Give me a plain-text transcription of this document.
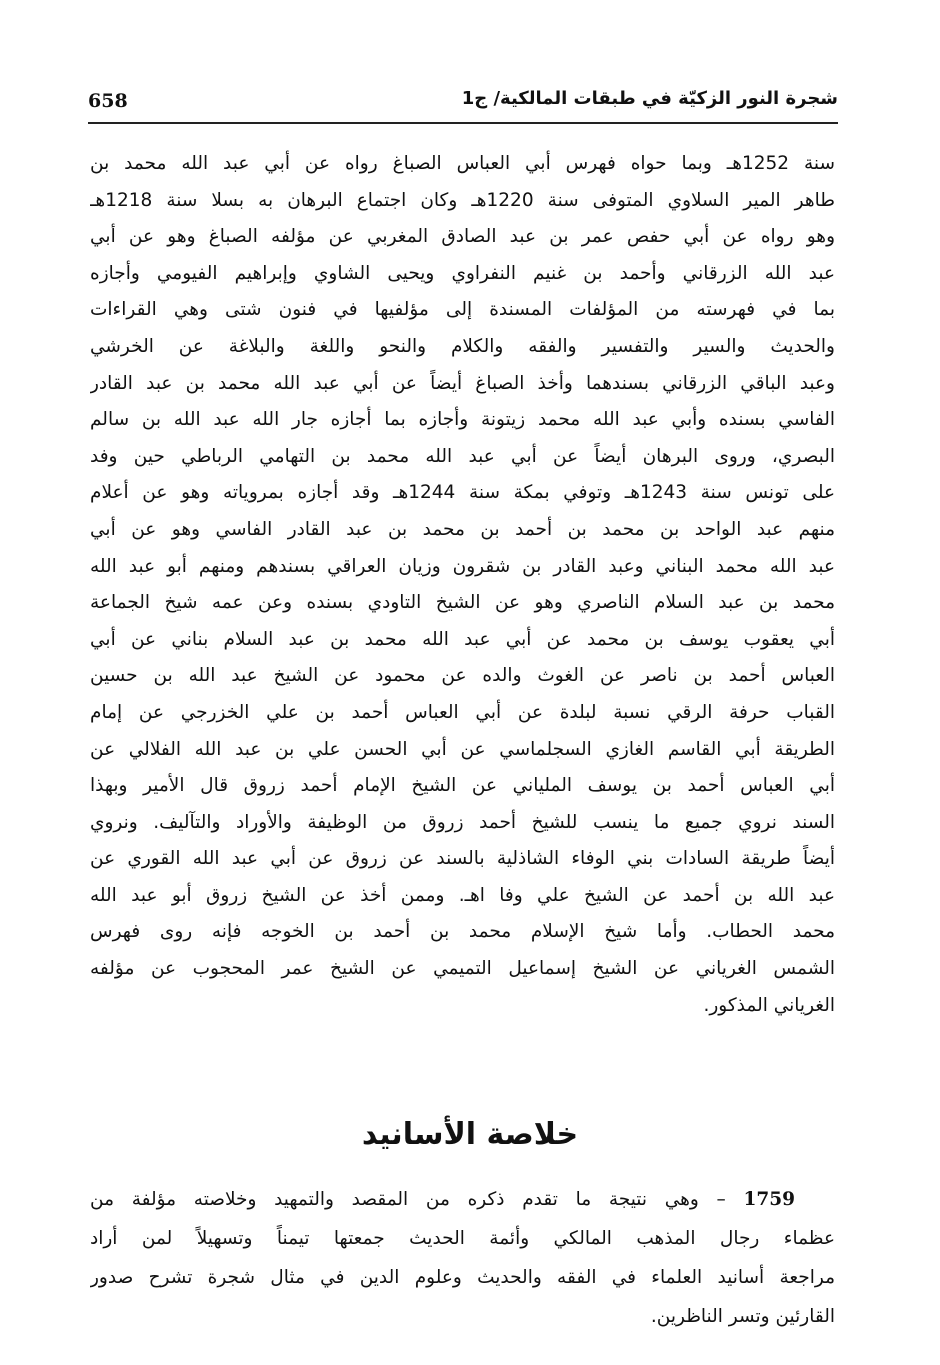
658	شجرة النور الزكيّة في طبقات المالكية/ ج1
سنة 1252هـ وبما حواه فهرس أبي العباس الصباغ رواه عن أبي عبد الله محمد بن
طاهر المير السلاوي المتوفى سنة 1220هـ وكان اجتماع البرهان به بسلا سنة 1218هـ
وهو رواه عن أبي حفص عمر بن عبد الصادق المغربي عن مؤلفه الصباغ وهو عن أبي
عبد الله الزرقاني وأحمد بن غنيم النفراوي ويحيى الشاوي وإبراهيم الفيومي وأجازه
بما في فهرسته من المؤلفات المسندة إلى مؤلفيها في فنون شتى وهي القراءات
والحديث والسير والتفسير والفقه والكلام والنحو واللغة والبلاغة عن الخرشي
وعبد الباقي الزرقاني بسندهما وأخذ الصباغ أيضاً عن أبي عبد الله محمد بن عبد القادر
الفاسي بسنده وأبي عبد الله محمد زيتونة وأجازه بما أجازه جار الله عبد الله بن سالم
البصري، وروى البرهان أيضاً عن أبي عبد الله محمد بن التهامي الرباطي حين وفد
على تونس سنة 1243هـ وتوفي بمكة سنة 1244هـ وقد أجازه بمروياته وهو عن أعلام
منهم عبد الواحد بن محمد بن أحمد بن محمد بن عبد القادر الفاسي وهو عن أبي
عبد الله محمد البناني وعبد القادر بن شقرون وزيان العراقي بسندهم ومنهم أبو عبد الله
محمد بن عبد السلام الناصري وهو عن الشيخ التاودي بسنده وعن عمه شيخ الجماعة
أبي يعقوب يوسف بن محمد عن أبي عبد الله محمد بن عبد السلام بناني عن أبي
العباس أحمد بن ناصر عن الغوث والده عن محمود عن الشيخ عبد الله بن حسين
القباب حرفة الرقي نسبة لبلدة عن أبي العباس أحمد بن علي الخزرجي عن إمام
الطريقة أبي القاسم الغازي السجلماسي عن أبي الحسن علي بن عبد الله الفلالي عن
أبي العباس أحمد بن يوسف الملياني عن الشيخ الإمام أحمد زروق قال الأمير وبهذا
السند نروي جميع ما ينسب للشيخ أحمد زروق من الوظيفة والأوراد والتآليف. ونروي
أيضاً طريقة السادات بني الوفاء الشاذلية بالسند عن زروق عن أبي عبد الله القوري عن
عبد الله بن أحمد عن الشيخ علي وفا اهـ. وممن أخذ عن الشيخ زروق أبو عبد الله
محمد الحطاب. وأما شيخ الإسلام محمد بن أحمد بن الخوجه فإنه روى فهرس
الشمس الغرياني عن الشيخ إسماعيل التميمي عن الشيخ عمر المحجوب عن مؤلفه
الغرياني المذكور.
خلاصة الأسانيد
1759 – وهي نتيجة ما تقدم ذكره من المقصد والتمهيد وخلاصته مؤلفة من
عظماء رجال المذهب المالكي وأئمة الحديث جمعتها تيمناً وتسهيلاً لمن أراد
مراجعة أسانيد العلماء في الفقه والحديث وعلوم الدين في مثال شجرة تشرح صدور
القارئين وتسر الناظرين.
